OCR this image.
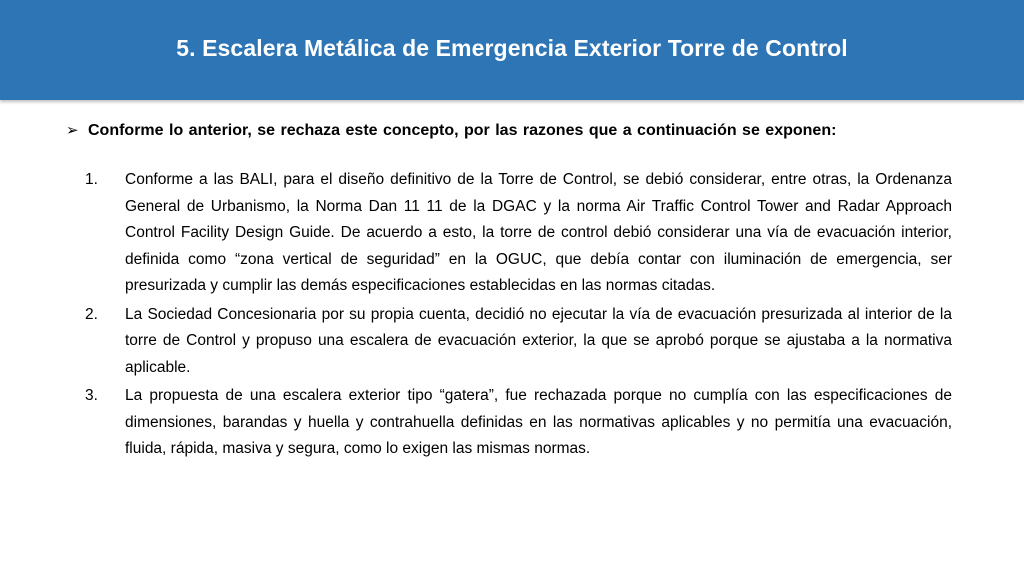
5. Escalera Metálica de Emergencia Exterior Torre de Control
➢ Conforme lo anterior, se rechaza este concepto, por las razones que a continuación se exponen:
1.	Conforme a las BALI, para el diseño definitivo de la Torre de Control, se debió considerar, entre otras, la Ordenanza General de Urbanismo, la Norma Dan 11 11 de la DGAC y la norma Air Traffic Control Tower and Radar Approach Control Facility Design Guide. De acuerdo a esto, la torre de control debió considerar una vía de evacuación interior, definida como “zona vertical de seguridad” en la OGUC, que debía contar con iluminación de emergencia, ser presurizada y cumplir las demás especificaciones establecidas en las normas citadas.
2.	La Sociedad Concesionaria por su propia cuenta, decidió no ejecutar la vía de evacuación presurizada al interior de la torre de Control y propuso una escalera de evacuación exterior, la que se aprobó porque se ajustaba a la normativa aplicable.
3.	La propuesta de una escalera exterior tipo “gatera”, fue rechazada porque no cumplía con las especificaciones de dimensiones, barandas y huella y contrahuella definidas en las normativas aplicables y no permitía una evacuación, fluida, rápida, masiva y segura, como lo exigen las mismas normas.
